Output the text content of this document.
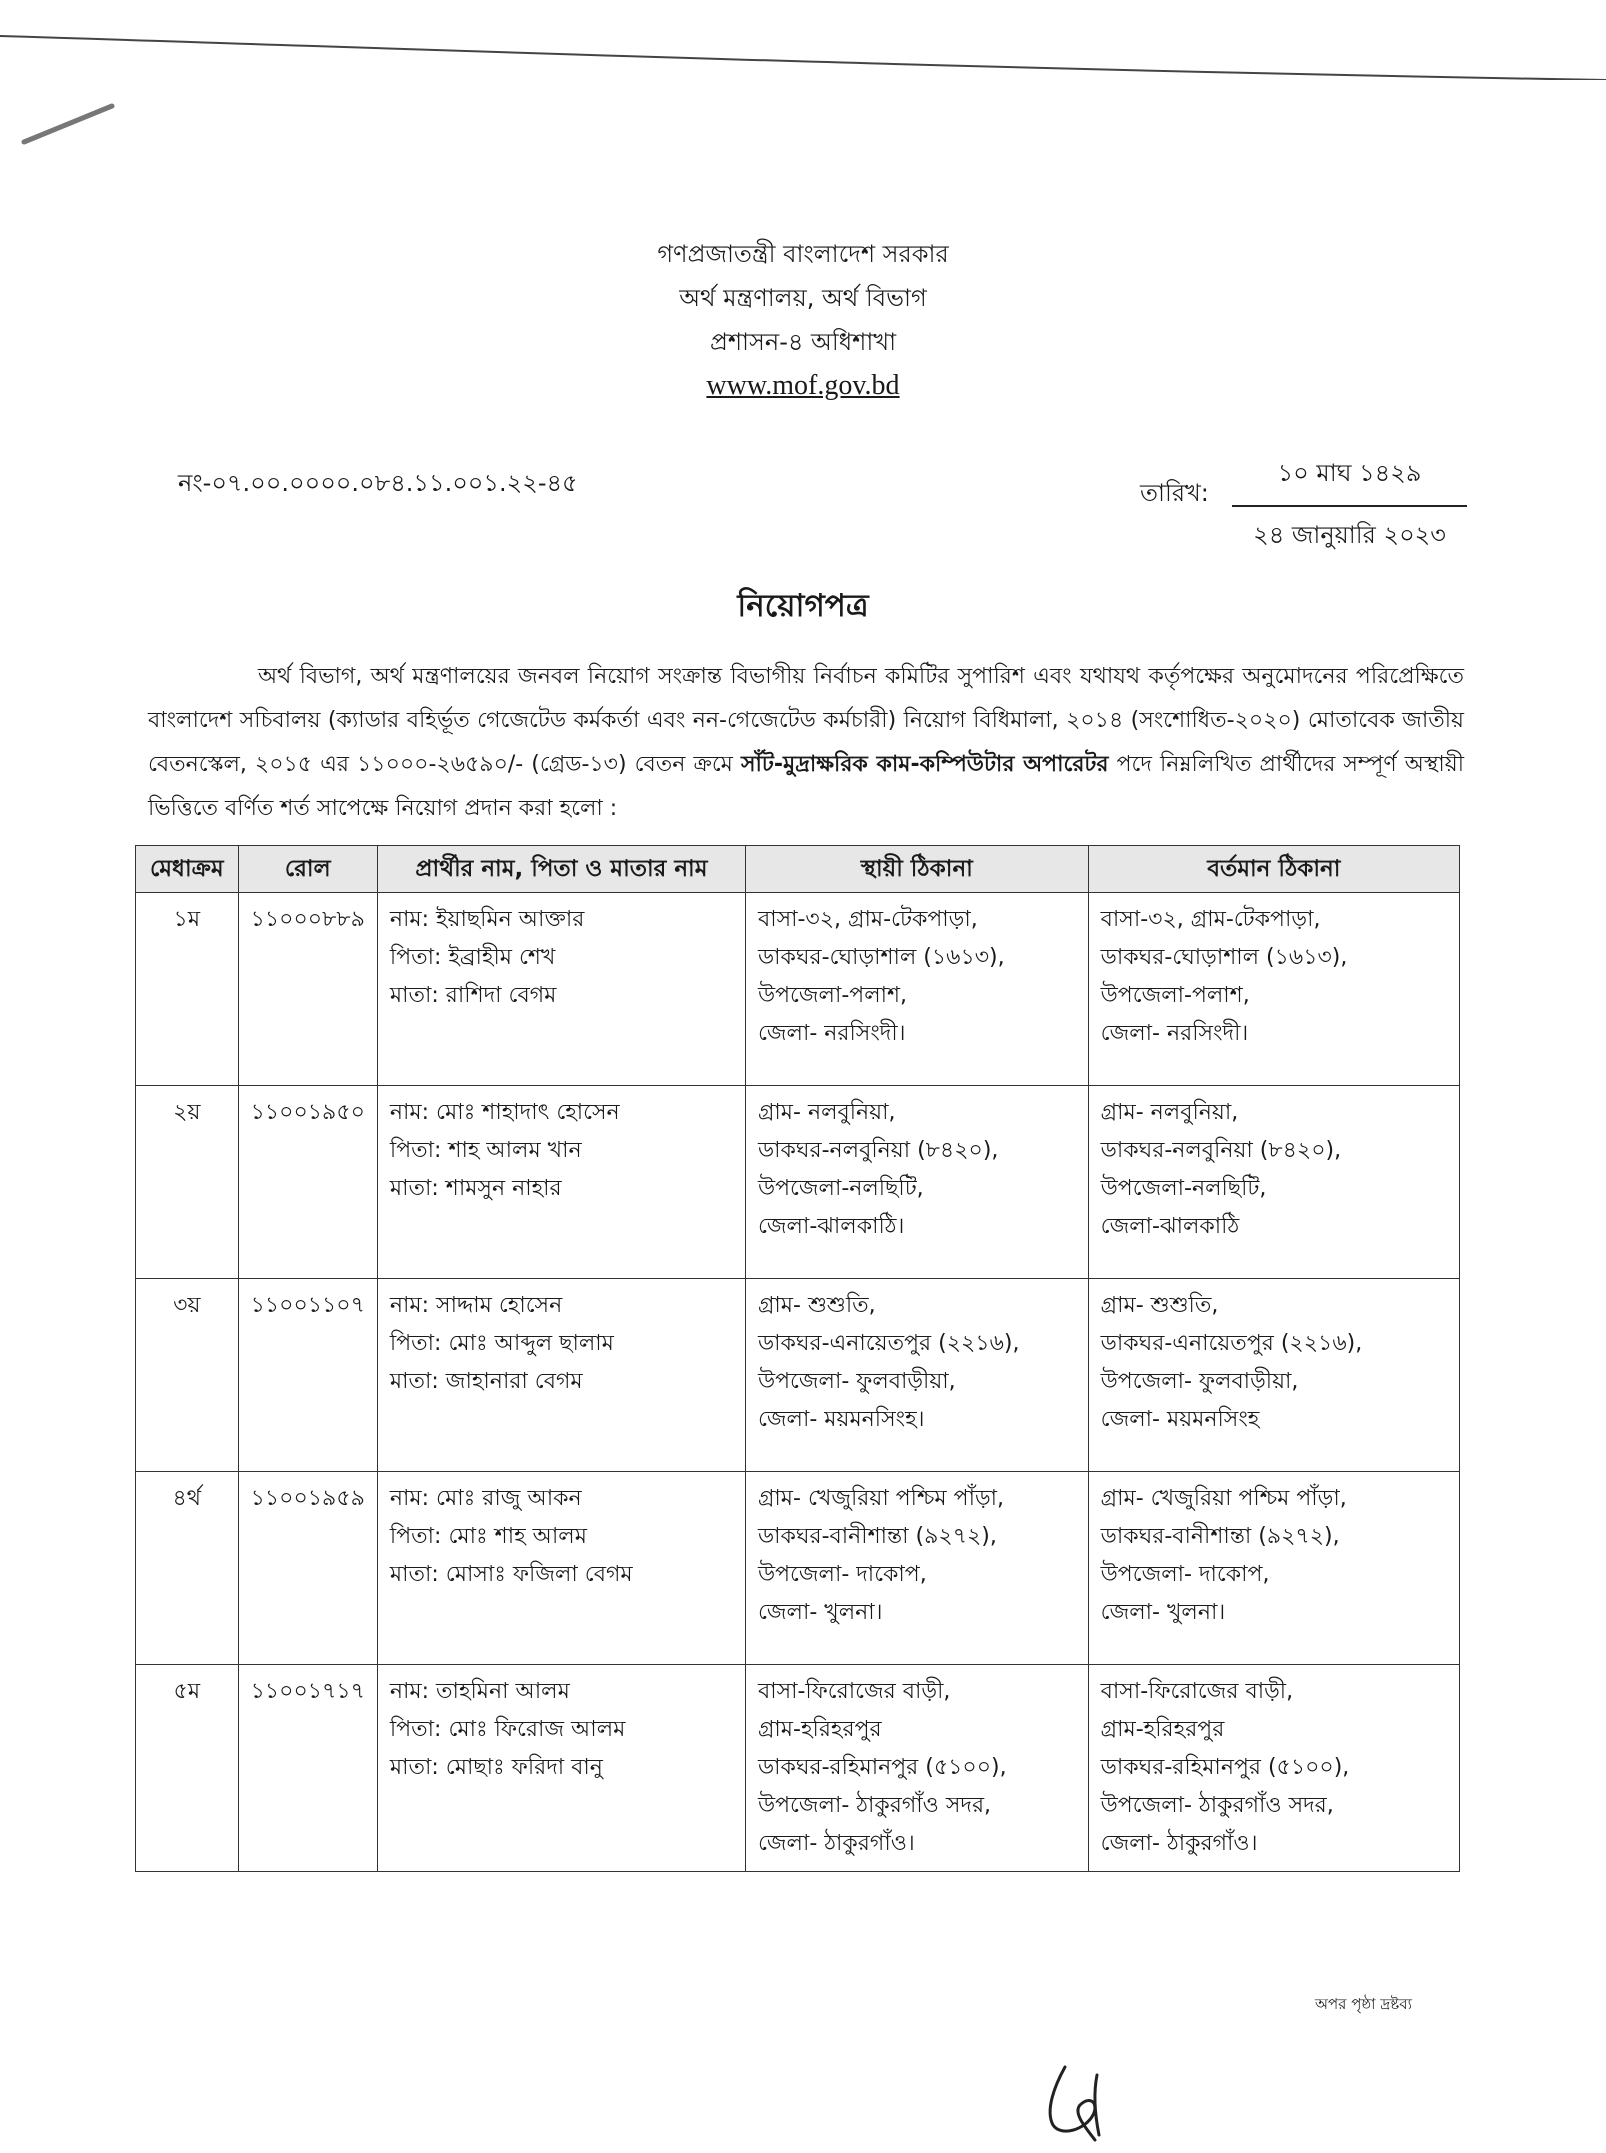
গণপ্রজাতন্ত্রী বাংলাদেশ সরকার
অর্থ মন্ত্রণালয়, অর্থ বিভাগ
প্রশাসন-৪ অধিশাখা
www.mof.gov.bd
নং-০৭.০০.০০০০.০৮৪.১১.০০১.২২-৪৫	তারিখ:
১০ মাঘ ১৪২৯
২৪ জানুয়ারি ২০২৩
নিয়োগপত্র
অর্থ বিভাগ, অর্থ মন্ত্রণালয়ের জনবল নিয়োগ সংক্রান্ত বিভাগীয় নির্বাচন কমিটির সুপারিশ এবং যথাযথ কর্তৃপক্ষের অনুমোদনের পরিপ্রেক্ষিতে বাংলাদেশ সচিবালয় (ক্যাডার বহির্ভূত গেজেটেড কর্মকর্তা এবং নন-গেজেটেড কর্মচারী) নিয়োগ বিধিমালা, ২০১৪ (সংশোধিত-২০২০) মোতাবেক জাতীয় বেতনস্কেল, ২০১৫ এর ১১০০০-২৬৫৯০/- (গ্রেড-১৩) বেতন ক্রমে সাঁট-মুদ্রাক্ষরিক কাম-কম্পিউটার অপারেটর পদে নিম্নলিখিত প্রার্থীদের সম্পূর্ণ অস্থায়ী ভিত্তিতে বর্ণিত শর্ত সাপেক্ষে নিয়োগ প্রদান করা হলো :
মেধাক্রম	রোল	প্রার্থীর নাম, পিতা ও মাতার নাম	স্থায়ী ঠিকানা	বর্তমান ঠিকানা
১ম	১১০০০৮৮৯	নাম: ইয়াছমিন আক্তার
পিতা: ইব্রাহীম শেখ
মাতা: রাশিদা বেগম	বাসা-৩২, গ্রাম-টেকপাড়া,
ডাকঘর-ঘোড়াশাল (১৬১৩),
উপজেলা-পলাশ,
জেলা- নরসিংদী।	বাসা-৩২, গ্রাম-টেকপাড়া,
ডাকঘর-ঘোড়াশাল (১৬১৩),
উপজেলা-পলাশ,
জেলা- নরসিংদী।

২য়	১১০০১৯৫০	নাম: মোঃ শাহাদাৎ হোসেন
পিতা: শাহ আলম খান
মাতা: শামসুন নাহার	গ্রাম- নলবুনিয়া,
ডাকঘর-নলবুনিয়া (৮৪২০),
উপজেলা-নলছিটি,
জেলা-ঝালকাঠি।	গ্রাম- নলবুনিয়া,
ডাকঘর-নলবুনিয়া (৮৪২০),
উপজেলা-নলছিটি,
জেলা-ঝালকাঠি

৩য়	১১০০১১০৭	নাম: সাদ্দাম হোসেন
পিতা: মোঃ আব্দুল ছালাম
মাতা: জাহানারা বেগম	গ্রাম- শুশুতি,
ডাকঘর-এনায়েতপুর (২২১৬),
উপজেলা- ফুলবাড়ীয়া,
জেলা- ময়মনসিংহ।	গ্রাম- শুশুতি,
ডাকঘর-এনায়েতপুর (২২১৬),
উপজেলা- ফুলবাড়ীয়া,
জেলা- ময়মনসিংহ

৪র্থ	১১০০১৯৫৯	নাম: মোঃ রাজু আকন
পিতা: মোঃ শাহ আলম
মাতা: মোসাঃ ফজিলা বেগম	গ্রাম- খেজুরিয়া পশ্চিম পাঁড়া,
ডাকঘর-বানীশান্তা (৯২৭২),
উপজেলা- দাকোপ,
জেলা- খুলনা।	গ্রাম- খেজুরিয়া পশ্চিম পাঁড়া,
ডাকঘর-বানীশান্তা (৯২৭২),
উপজেলা- দাকোপ,
জেলা- খুলনা।

৫ম	১১০০১৭১৭	নাম: তাহমিনা আলম
পিতা: মোঃ ফিরোজ আলম
মাতা: মোছাঃ ফরিদা বানু	বাসা-ফিরোজের বাড়ী,
গ্রাম-হরিহরপুর
ডাকঘর-রহিমানপুর (৫১০০),
উপজেলা- ঠাকুরগাঁও সদর,
জেলা- ঠাকুরগাঁও।	বাসা-ফিরোজের বাড়ী,
গ্রাম-হরিহরপুর
ডাকঘর-রহিমানপুর (৫১০০),
উপজেলা- ঠাকুরগাঁও সদর,
জেলা- ঠাকুরগাঁও।
অপর পৃষ্ঠা দ্রষ্টব্য
